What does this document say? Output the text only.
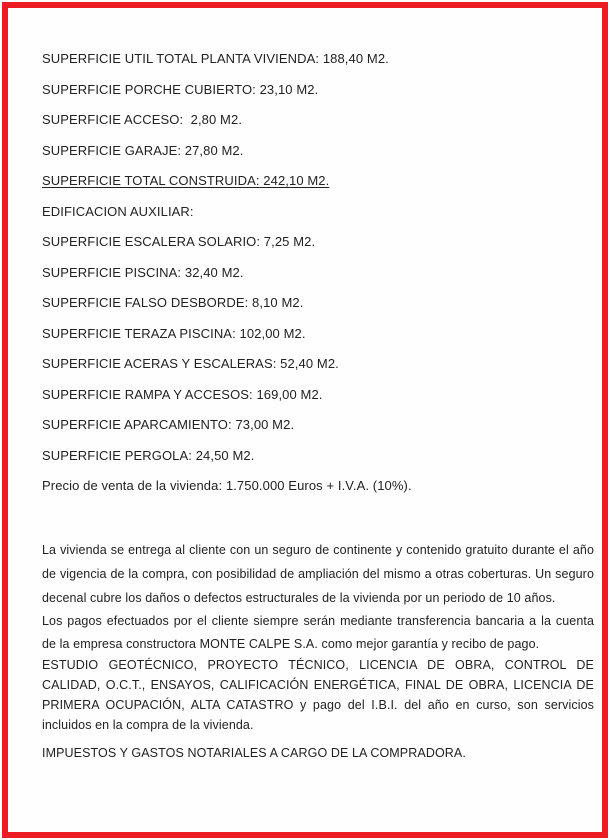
SUPERFICIE UTIL TOTAL PLANTA VIVIENDA: 188,40 M2.

SUPERFICIE PORCHE CUBIERTO: 23,10 M2.

SUPERFICIE ACCESO:  2,80 M2.

SUPERFICIE GARAJE: 27,80 M2.

SUPERFICIE TOTAL CONSTRUIDA: 242,10 M2.

EDIFICACION AUXILIAR:

SUPERFICIE ESCALERA SOLARIO: 7,25 M2.

SUPERFICIE PISCINA: 32,40 M2.

SUPERFICIE FALSO DESBORDE: 8,10 M2.

SUPERFICIE TERAZA PISCINA: 102,00 M2.

SUPERFICIE ACERAS Y ESCALERAS: 52,40 M2.

SUPERFICIE RAMPA Y ACCESOS: 169,00 M2.

SUPERFICIE APARCAMIENTO: 73,00 M2.

SUPERFICIE PERGOLA: 24,50 M2.

Precio de venta de la vivienda: 1.750.000 Euros + I.V.A. (10%).

La vivienda se entrega al cliente con un seguro de continente y contenido gratuito durante el año de vigencia de la compra, con posibilidad de ampliación del mismo a otras coberturas. Un seguro decenal cubre los daños o defectos estructurales de la vivienda por un periodo de 10 años.

Los pagos efectuados por el cliente siempre serán mediante transferencia bancaria a la cuenta de la empresa constructora MONTE CALPE S.A. como mejor garantía y recibo de pago.

ESTUDIO GEOTÉCNICO, PROYECTO TÉCNICO, LICENCIA DE OBRA, CONTROL DE CALIDAD, O.C.T., ENSAYOS, CALIFICACIÓN ENERGÉTICA, FINAL DE OBRA, LICENCIA DE PRIMERA OCUPACIÓN, ALTA CATASTRO y pago del I.B.I. del año en curso, son servicios incluidos en la compra de la vivienda.

IMPUESTOS Y GASTOS NOTARIALES A CARGO DE LA COMPRADORA.
